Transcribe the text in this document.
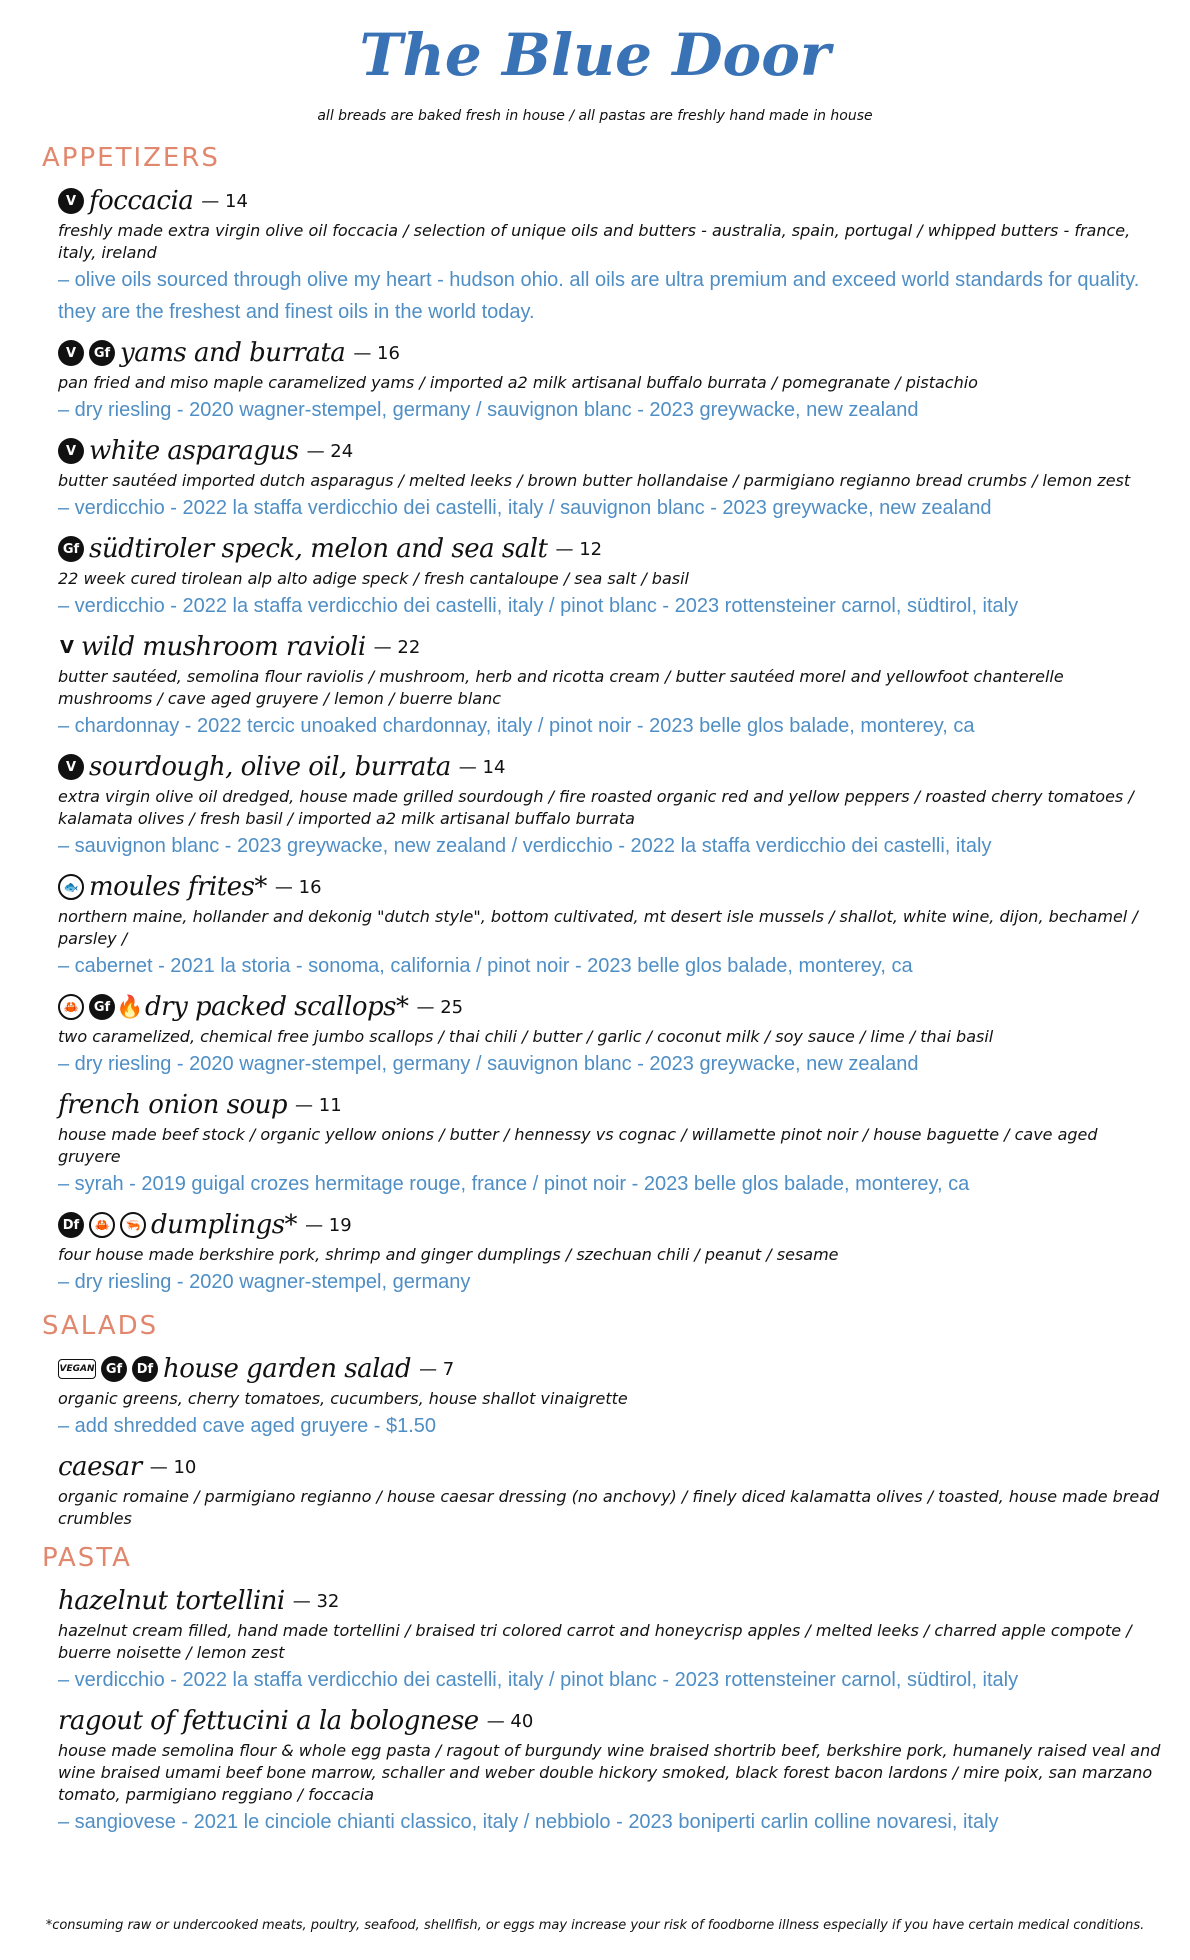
The Blue Door

all breads are baked fresh in house / all pastas are freshly hand made in house

APPETIZERS
V foccacia — 14

freshly made extra virgin olive oil foccacia / selection of unique oils and butters - australia, spain, portugal / whipped butters - france, italy, ireland

– olive oils sourced through olive my heart - hudson ohio. all oils are ultra premium and exceed world standards for quality. they are the freshest and finest oils in the world today.

V	Gf yams and burrata — 16

pan fried and miso maple caramelized yams / imported a2 milk artisanal buffalo burrata / pomegranate / pistachio

– dry riesling - 2020 wagner-stempel, germany / sauvignon blanc - 2023 greywacke, new zealand

V white asparagus — 24

butter sautéed imported dutch asparagus / melted leeks / brown butter hollandaise / parmigiano regianno bread crumbs / lemon zest

– verdicchio - 2022 la staffa verdicchio dei castelli, italy / sauvignon blanc - 2023 greywacke, new zealand

Gf südtiroler speck, melon and sea salt — 12

22 week cured tirolean alp alto adige speck / fresh cantaloupe / sea salt / basil

– verdicchio - 2022 la staffa verdicchio dei castelli, italy / pinot blanc - 2023 rottensteiner carnol, südtirol, italy

V wild mushroom ravioli — 22

butter sautéed, semolina flour raviolis / mushroom, herb and ricotta cream / butter sautéed morel and yellowfoot chanterelle mushrooms / cave aged gruyere / lemon / buerre blanc

– chardonnay - 2022 tercic unoaked chardonnay, italy / pinot noir - 2023 belle glos balade, monterey, ca

V sourdough, olive oil, burrata — 14

extra virgin olive oil dredged, house made grilled sourdough / fire roasted organic red and yellow peppers / roasted cherry tomatoes / kalamata olives / fresh basil / imported a2 milk artisanal buffalo burrata

– sauvignon blanc - 2023 greywacke, new zealand / verdicchio - 2022 la staffa verdicchio dei castelli, italy

🐟 moules frites* — 16

northern maine, hollander and dekonig "dutch style", bottom cultivated, mt desert isle mussels / shallot, white wine, dijon, bechamel / parsley /

– cabernet - 2021 la storia - sonoma, california / pinot noir - 2023 belle glos balade, monterey, ca

🦀	Gf 🔥 dry packed scallops* — 25

two caramelized, chemical free jumbo scallops / thai chili / butter / garlic / coconut milk / soy sauce / lime / thai basil

– dry riesling - 2020 wagner-stempel, germany / sauvignon blanc - 2023 greywacke, new zealand

french onion soup — 11

house made beef stock / organic yellow onions / butter / hennessy vs cognac / willamette pinot noir / house baguette / cave aged gruyere

– syrah - 2019 guigal crozes hermitage rouge, france / pinot noir - 2023 belle glos balade, monterey, ca

Df	🦀	🦐 dumplings* — 19

four house made berkshire pork, shrimp and ginger dumplings / szechuan chili / peanut / sesame

– dry riesling - 2020 wagner-stempel, germany

SALADS
VEGAN Gf	Df house garden salad — 7

organic greens, cherry tomatoes, cucumbers, house shallot vinaigrette

– add shredded cave aged gruyere - $1.50

caesar — 10

organic romaine / parmigiano regianno / house caesar dressing (no anchovy) / finely diced kalamatta olives / toasted, house made bread crumbles

PASTA
hazelnut tortellini — 32

hazelnut cream filled, hand made tortellini / braised tri colored carrot and honeycrisp apples / melted leeks / charred apple compote / buerre noisette / lemon zest

– verdicchio - 2022 la staffa verdicchio dei castelli, italy / pinot blanc - 2023 rottensteiner carnol, südtirol, italy

ragout of fettucini a la bolognese — 40

house made semolina flour & whole egg pasta / ragout of burgundy wine braised shortrib beef, berkshire pork, humanely raised veal and wine braised umami beef bone marrow, schaller and weber double hickory smoked, black forest bacon lardons / mire poix, san marzano tomato, parmigiano reggiano / foccacia

– sangiovese - 2021 le cinciole chianti classico, italy / nebbiolo - 2023 boniperti carlin colline novaresi, italy

*consuming raw or undercooked meats, poultry, seafood, shellfish, or eggs may increase your risk of foodborne illness especially if you have certain medical conditions.
